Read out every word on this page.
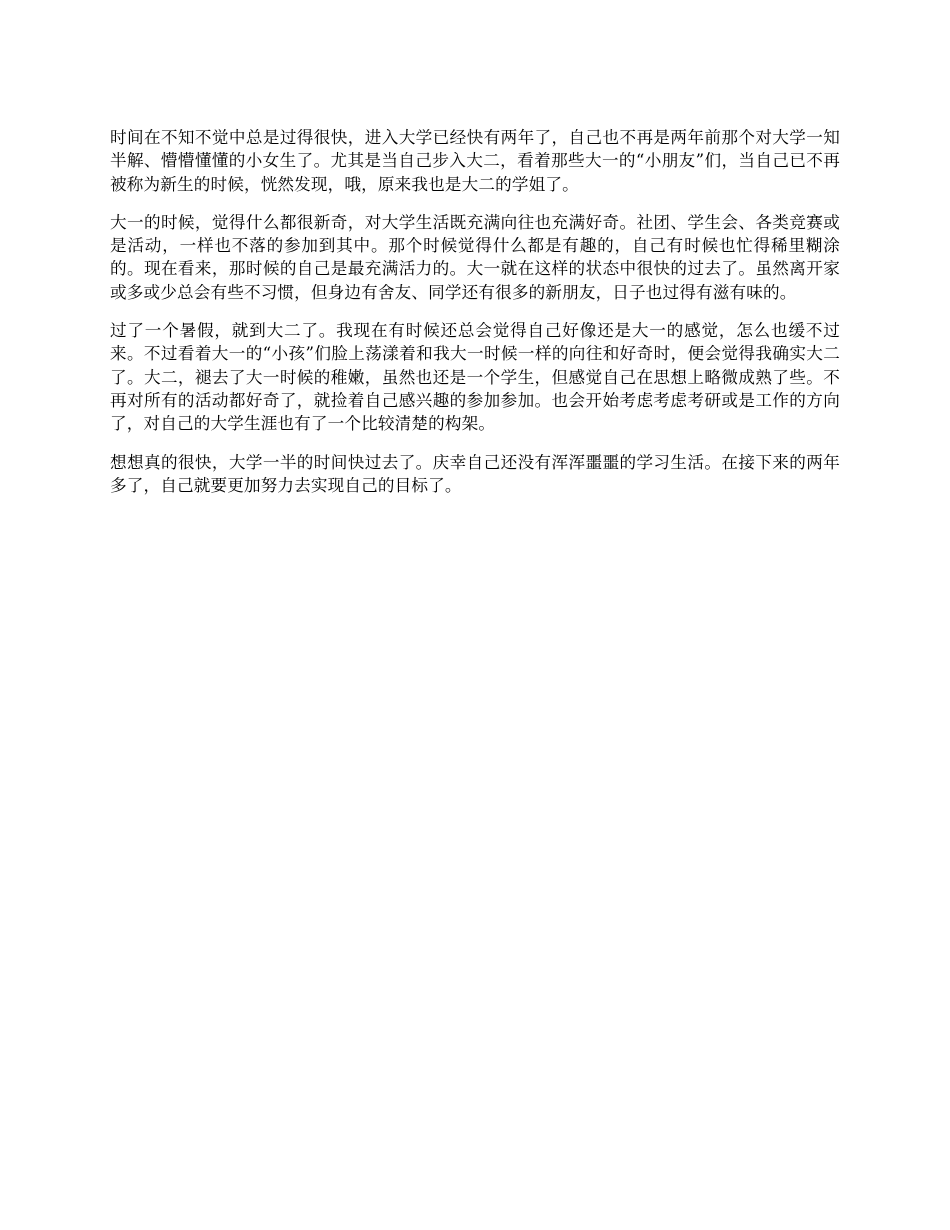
时间在不知不觉中总是过得很快，进入大学已经快有两年了，自己也不再是两年前那个对大学一知半解、懵懵懂懂的小女生了。尤其是当自己步入大二，看着那些大一的“小朋友”们，当自己已不再被称为新生的时候，恍然发现，哦，原来我也是大二的学姐了。

大一的时候，觉得什么都很新奇，对大学生活既充满向往也充满好奇。社团、学生会、各类竞赛或是活动，一样也不落的参加到其中。那个时候觉得什么都是有趣的，自己有时候也忙得稀里糊涂的。现在看来，那时候的自己是最充满活力的。大一就在这样的状态中很快的过去了。虽然离开家或多或少总会有些不习惯，但身边有舍友、同学还有很多的新朋友，日子也过得有滋有味的。

过了一个暑假，就到大二了。我现在有时候还总会觉得自己好像还是大一的感觉，怎么也缓不过来。不过看着大一的“小孩”们脸上荡漾着和我大一时候一样的向往和好奇时，便会觉得我确实大二了。大二，褪去了大一时候的稚嫩，虽然也还是一个学生，但感觉自己在思想上略微成熟了些。不再对所有的活动都好奇了，就捡着自己感兴趣的参加参加。也会开始考虑考虑考研或是工作的方向了，对自己的大学生涯也有了一个比较清楚的构架。

想想真的很快，大学一半的时间快过去了。庆幸自己还没有浑浑噩噩的学习生活。在接下来的两年多了，自己就要更加努力去实现自己的目标了。
